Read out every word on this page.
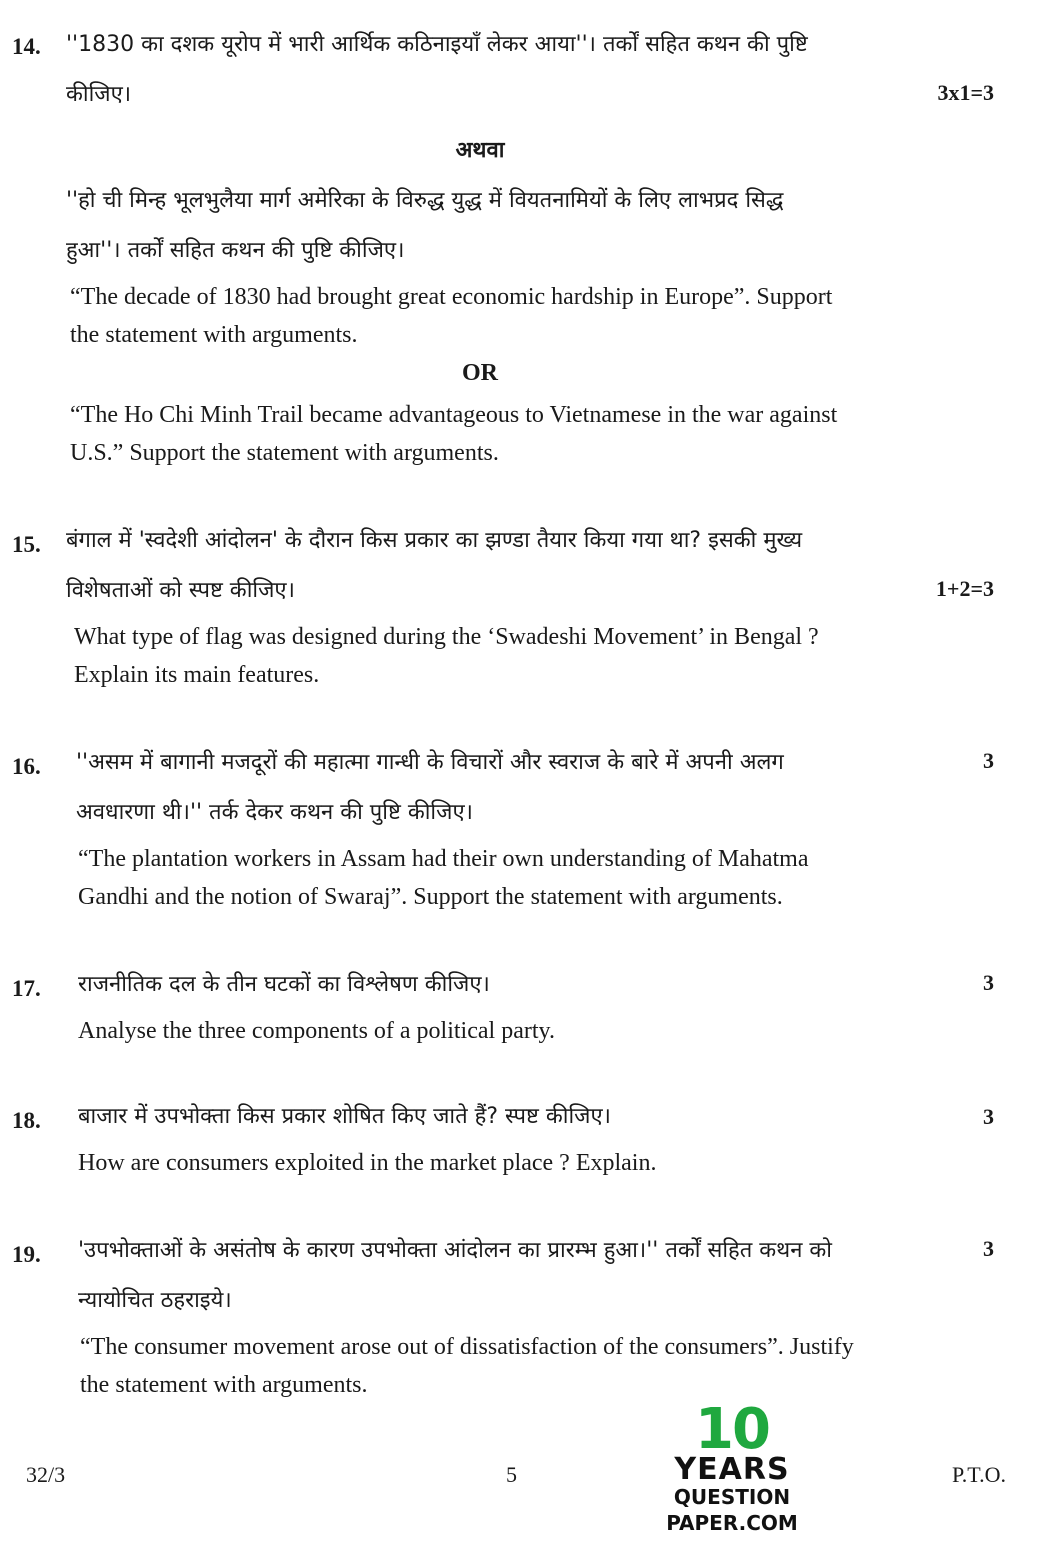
14. ''1830 का दशक यूरोप में भारी आर्थिक कठिनाइयाँ लेकर आया''। तर्कों सहित कथन की पुष्टि
कीजिए।	3x1=3
अथवा
''हो ची मिन्ह भूलभुलैया मार्ग अमेरिका के विरुद्ध युद्ध में वियतनामियों के लिए लाभप्रद सिद्ध
हुआ''। तर्कों सहित कथन की पुष्टि कीजिए।
“The decade of 1830 had brought great economic hardship in Europe”. Support
the statement with arguments.
OR
“The Ho Chi Minh Trail became advantageous to Vietnamese in the war against
U.S.” Support the statement with arguments.
15. बंगाल में 'स्वदेशी आंदोलन' के दौरान किस प्रकार का झण्डा तैयार किया गया था? इसकी मुख्य
विशेषताओं को स्पष्ट कीजिए।	1+2=3
What type of flag was designed during the ‘Swadeshi Movement’ in Bengal ?
Explain its main features.
16. ''असम में बागानी मजदूरों की महात्मा गान्धी के विचारों और स्वराज के बारे में अपनी अलग
अवधारणा थी।'' तर्क देकर कथन की पुष्टि कीजिए।
3
“The plantation workers in Assam had their own understanding of Mahatma
Gandhi and the notion of Swaraj”. Support the statement with arguments.
17. राजनीतिक दल के तीन घटकों का विश्लेषण कीजिए।	3
Analyse the three components of a political party.
18. बाजार में उपभोक्ता किस प्रकार शोषित किए जाते हैं? स्पष्ट कीजिए।	3
How are consumers exploited in the market place ? Explain.
19. 'उपभोक्ताओं के असंतोष के कारण उपभोक्ता आंदोलन का प्रारम्भ हुआ।'' तर्कों सहित कथन को
न्यायोचित ठहराइये।
3
“The consumer movement arose out of dissatisfaction of the consumers”. Justify
the statement with arguments.
10
YEARS
QUESTION PAPER.COM
32/3	5	P.T.O.
